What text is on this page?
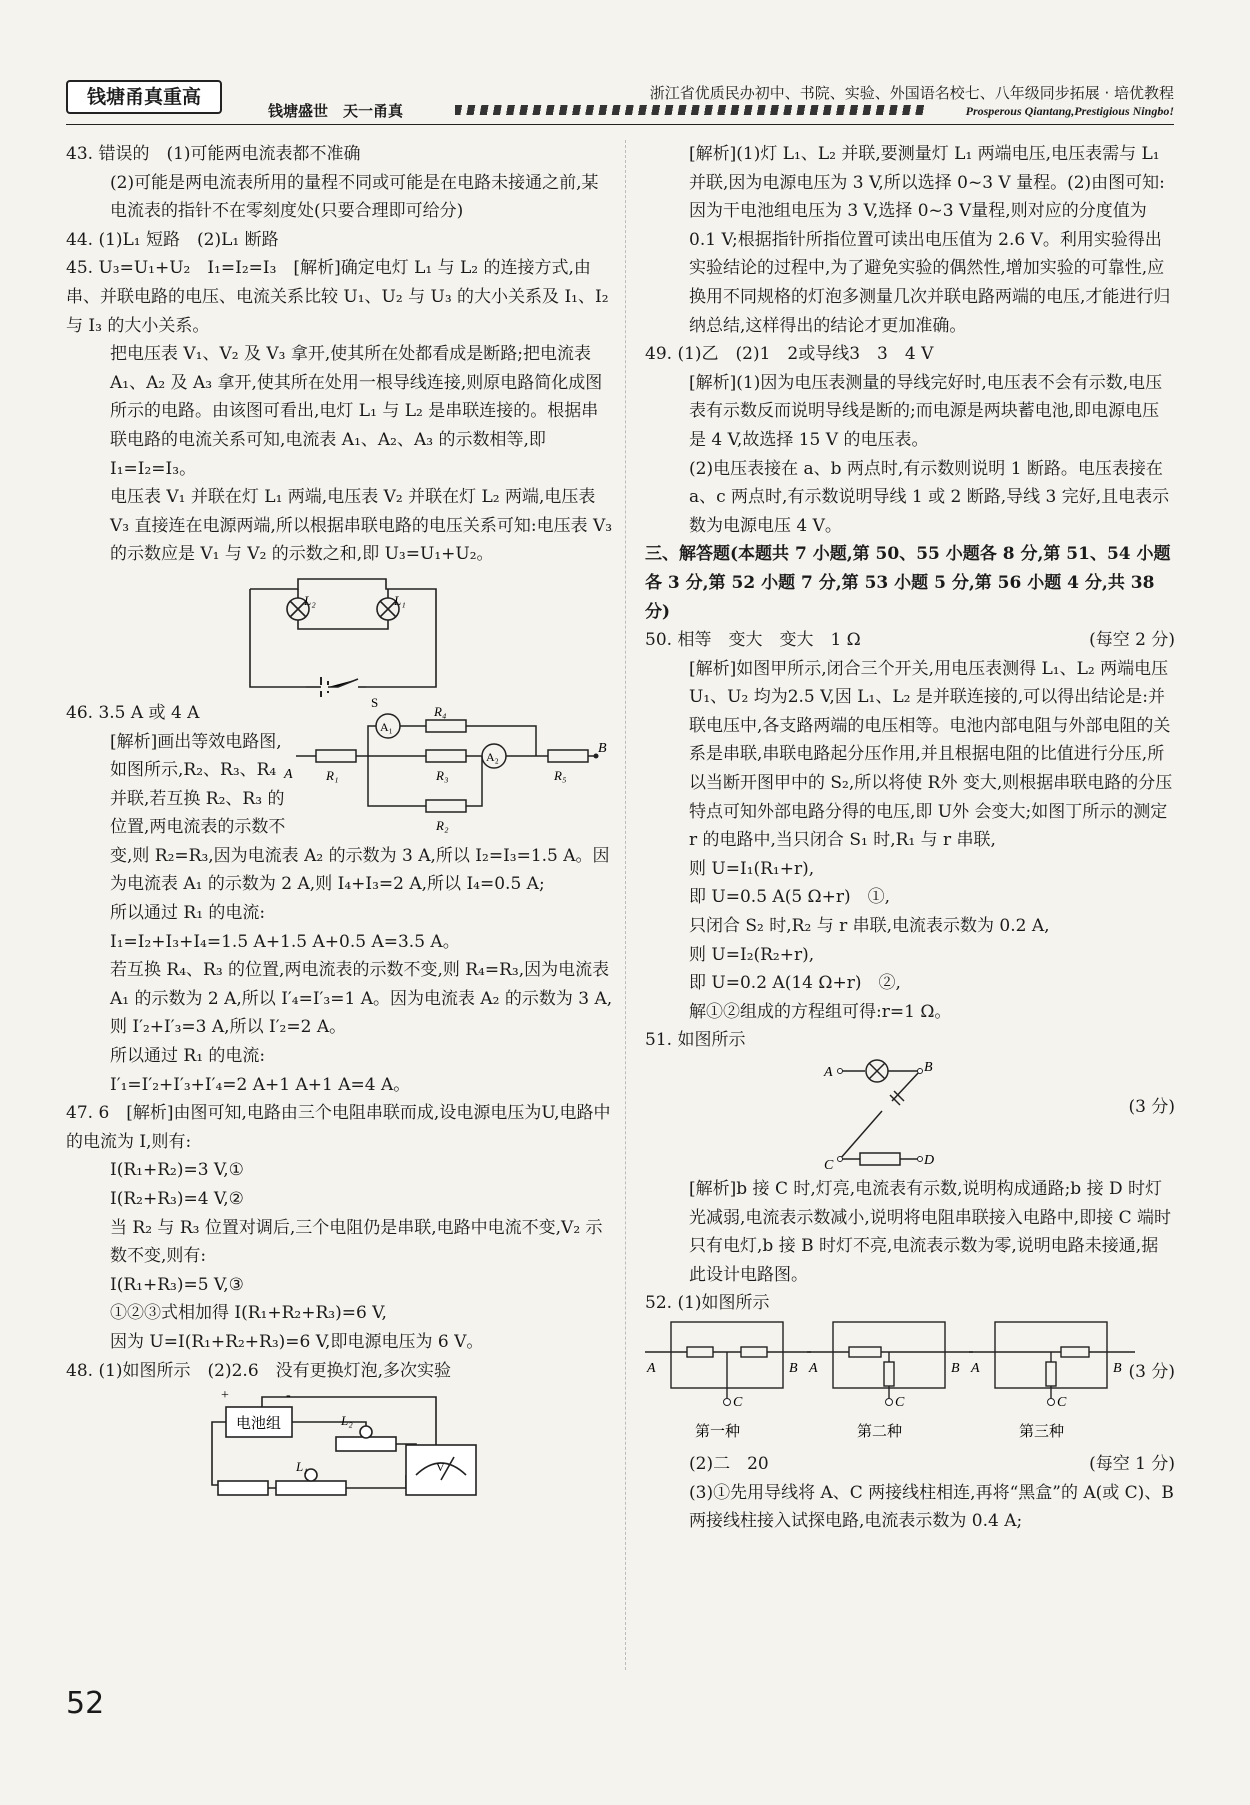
钱塘甬真重高
钱塘盛世　天一甬真
浙江省优质民办初中、书院、实验、外国语名校七、八年级同步拓展 · 培优教程
Prosperous Qiantang,Prestigious Ningbo!

43. 错误的　(1)可能两电流表都不准确

(2)可能是两电流表所用的量程不同或可能是在电路未接通之前,某电流表的指针不在零刻度处(只要合理即可给分)

44. (1)L₁ 短路　(2)L₁ 断路

45. U₃=U₁+U₂　I₁=I₂=I₃　[解析]确定电灯 L₁ 与 L₂ 的连接方式,由串、并联电路的电压、电流关系比较 U₁、U₂ 与 U₃ 的大小关系及 I₁、I₂ 与 I₃ 的大小关系。

把电压表 V₁、V₂ 及 V₃ 拿开,使其所在处都看成是断路;把电流表 A₁、A₂ 及 A₃ 拿开,使其所在处用一根导线连接,则原电路简化成图所示的电路。由该图可看出,电灯 L₁ 与 L₂ 是串联连接的。根据串联电路的电流关系可知,电流表 A₁、A₂、A₃ 的示数相等,即 I₁=I₂=I₃。

电压表 V₁ 并联在灯 L₁ 两端,电压表 V₂ 并联在灯 L₂ 两端,电压表 V₃ 直接连在电源两端,所以根据串联电路的电压关系可知:电压表 V₃ 的示数应是 V₁ 与 V₂ 的示数之和,即 U₃=U₁+U₂。

L₂	L₁
S

46. 3.5 A 或 4 A

A
B
R₁
R₄
R₃
R₂
R₅
A₁
A₂

[解析]画出等效电路图,如图所示,R₂、R₃、R₄ 并联,若互换 R₂、R₃ 的位置,两电流表的示数不变,则 R₂=R₃,因为电流表 A₂ 的示数为 3 A,所以 I₂=I₃=1.5 A。因为电流表 A₁ 的示数为 2 A,则 I₄+I₃=2 A,所以 I₄=0.5 A;

所以通过 R₁ 的电流:

I₁=I₂+I₃+I₄=1.5 A+1.5 A+0.5 A=3.5 A。

若互换 R₄、R₃ 的位置,两电流表的示数不变,则 R₄=R₃,因为电流表 A₁ 的示数为 2 A,所以 I′₄=I′₃=1 A。因为电流表 A₂ 的示数为 3 A,则 I′₂+I′₃=3 A,所以 I′₂=2 A。

所以通过 R₁ 的电流:

I′₁=I′₂+I′₃+I′₄=2 A+1 A+1 A=4 A。

47. 6　[解析]由图可知,电路由三个电阻串联而成,设电源电压为U,电路中的电流为 I,则有:

I(R₁+R₂)=3 V,①

I(R₂+R₃)=4 V,②

当 R₂ 与 R₃ 位置对调后,三个电阻仍是串联,电路中电流不变,V₂ 示数不变,则有:

I(R₁+R₃)=5 V,③

①②③式相加得 I(R₁+R₂+R₃)=6 V,

因为 U=I(R₁+R₂+R₃)=6 V,即电源电压为 6 V。

48. (1)如图所示　(2)2.6　没有更换灯泡,多次实验

+	-
电池组	L₂
L₁	V

[解析](1)灯 L₁、L₂ 并联,要测量灯 L₁ 两端电压,电压表需与 L₁ 并联,因为电源电压为 3 V,所以选择 0~3 V 量程。(2)由图可知:因为干电池组电压为 3 V,选择 0~3 V量程,则对应的分度值为 0.1 V;根据指针所指位置可读出电压值为 2.6 V。利用实验得出实验结论的过程中,为了避免实验的偶然性,增加实验的可靠性,应换用不同规格的灯泡多测量几次并联电路两端的电压,才能进行归纳总结,这样得出的结论才更加准确。

49. (1)乙　(2)1　2或导线3　3　4 V

[解析](1)因为电压表测量的导线完好时,电压表不会有示数,电压表有示数反而说明导线是断的;而电源是两块蓄电池,即电源电压是 4 V,故选择 15 V 的电压表。

(2)电压表接在 a、b 两点时,有示数则说明 1 断路。电压表接在 a、c 两点时,有示数说明导线 1 或 2 断路,导线 3 完好,且电表示数为电源电压 4 V。

三、解答题(本题共 7 小题,第 50、55 小题各 8 分,第 51、54 小题各 3 分,第 52 小题 7 分,第 53 小题 5 分,第 56 小题 4 分,共 38 分)

(每空 2 分)
50. 相等　变大　变大　1 Ω

[解析]如图甲所示,闭合三个开关,用电压表测得 L₁、L₂ 两端电压 U₁、U₂ 均为2.5 V,因 L₁、L₂ 是并联连接的,可以得出结论是:并联电压中,各支路两端的电压相等。电池内部电阻与外部电阻的关系是串联,串联电路起分压作用,并且根据电阻的比值进行分压,所以当断开图甲中的 S₂,所以将使 R外 变大,则根据串联电路的分压特点可知外部电路分得的电压,即 U外 会变大;如图丁所示的测定 r 的电路中,当只闭合 S₁ 时,R₁ 与 r 串联,

则 U=I₁(R₁+r),

即 U=0.5 A(5 Ω+r)　①,

只闭合 S₂ 时,R₂ 与 r 串联,电流表示数为 0.2 A,

则 U=I₂(R₂+r),

即 U=0.2 A(14 Ω+r)　②,

解①②组成的方程组可得:r=1 Ω。

51. 如图所示

A	B
C	D
(3 分)

[解析]b 接 C 时,灯亮,电流表有示数,说明构成通路;b 接 D 时灯光减弱,电流表示数减小,说明将电阻串联接入电路中,即接 C 端时只有电灯,b 接 B 时灯不亮,电流表示数为零,说明电路未接通,据此设计电路图。

52. (1)如图所示

A	B
C
A	B
C
A	B
C
第一种	第二种	第三种
(3 分)

(每空 1 分)
(2)二　20

(3)①先用导线将 A、C 两接线柱相连,再将“黑盒”的 A(或 C)、B 两接线柱接入试探电路,电流表示数为 0.4 A;

52
